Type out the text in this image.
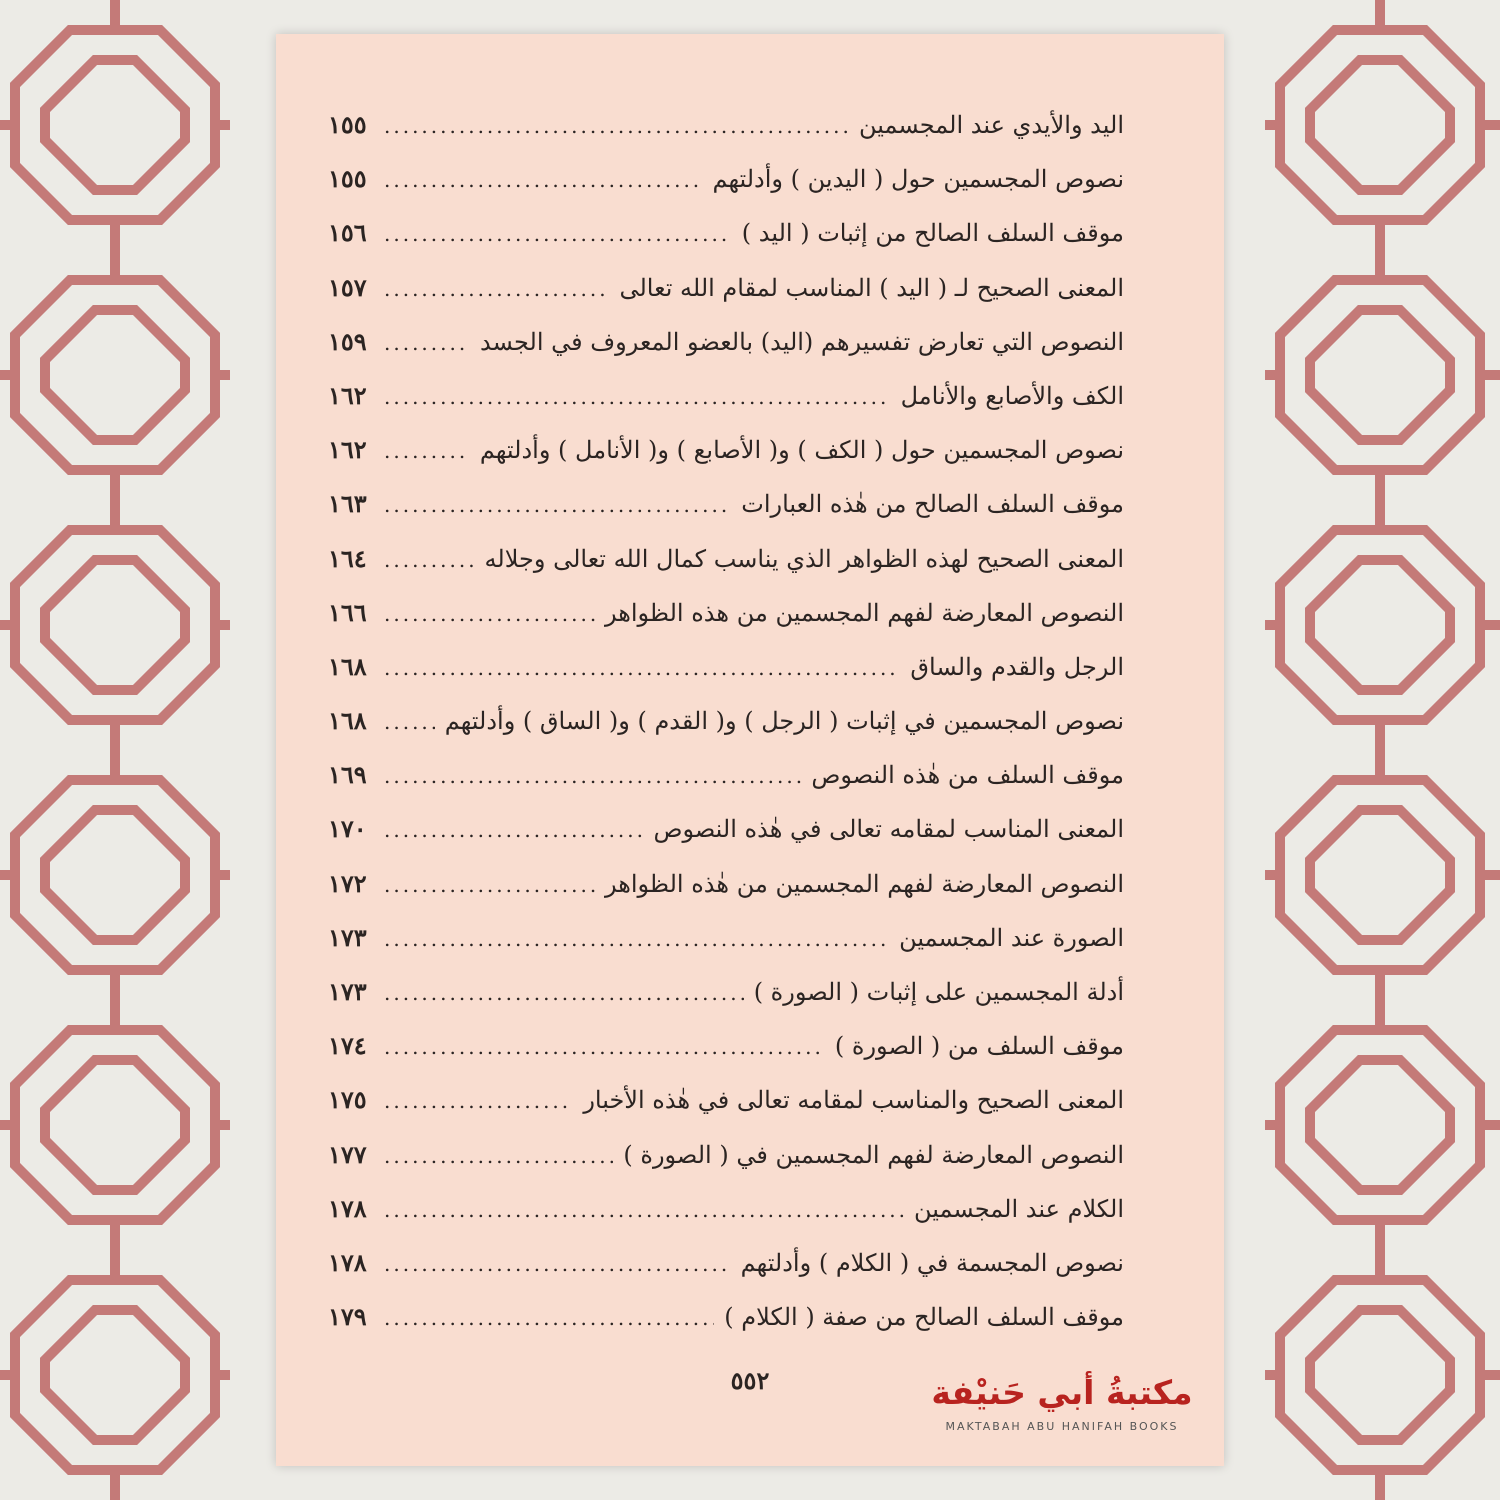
اليد والأيدي عند المجسمين
.....
١٥٥
نصوص المجسمين حول ( اليدين ) وأدلتهم
.....
١٥٥
موقف السلف الصالح من إثبات ( اليد )
.....
١٥٦
المعنى الصحيح لـ ( اليد ) المناسب لمقام الله تعالى
.....
١٥٧
النصوص التي تعارض تفسيرهم (اليد) بالعضو المعروف في الجسد
.....
١٥٩
الكف والأصابع والأنامل
.....
١٦٢
نصوص المجسمين حول ( الكف ) و( الأصابع ) و( الأنامل ) وأدلتهم
.....
١٦٢
موقف السلف الصالح من هٰذه العبارات
.....
١٦٣
المعنى الصحيح لهذه الظواهر الذي يناسب كمال الله تعالى وجلاله
.....
١٦٤
النصوص المعارضة لفهم المجسمين من هذه الظواهر
.....
١٦٦
الرجل والقدم والساق
.....
١٦٨
نصوص المجسمين في إثبات ( الرجل ) و( القدم ) و( الساق ) وأدلتهم
.....
١٦٨
موقف السلف من هٰذه النصوص
.....
١٦٩
المعنى المناسب لمقامه تعالى في هٰذه النصوص
.....
١٧٠
النصوص المعارضة لفهم المجسمين من هٰذه الظواهر
.....
١٧٢
الصورة عند المجسمين
.....
١٧٣
أدلة المجسمين على إثبات ( الصورة )
.....
١٧٣
موقف السلف من ( الصورة )
.....
١٧٤
المعنى الصحيح والمناسب لمقامه تعالى في هٰذه الأخبار
.....
١٧٥
النصوص المعارضة لفهم المجسمين في ( الصورة )
.....
١٧٧
الكلام عند المجسمين
.....
١٧٨
نصوص المجسمة في ( الكلام ) وأدلتهم
.....
١٧٨
موقف السلف الصالح من صفة ( الكلام )
.....
١٧٩
٥٥٢	مكتبةُ أبي حَنيْفة
MAKTABAH ABU HANIFAH BOOKS
